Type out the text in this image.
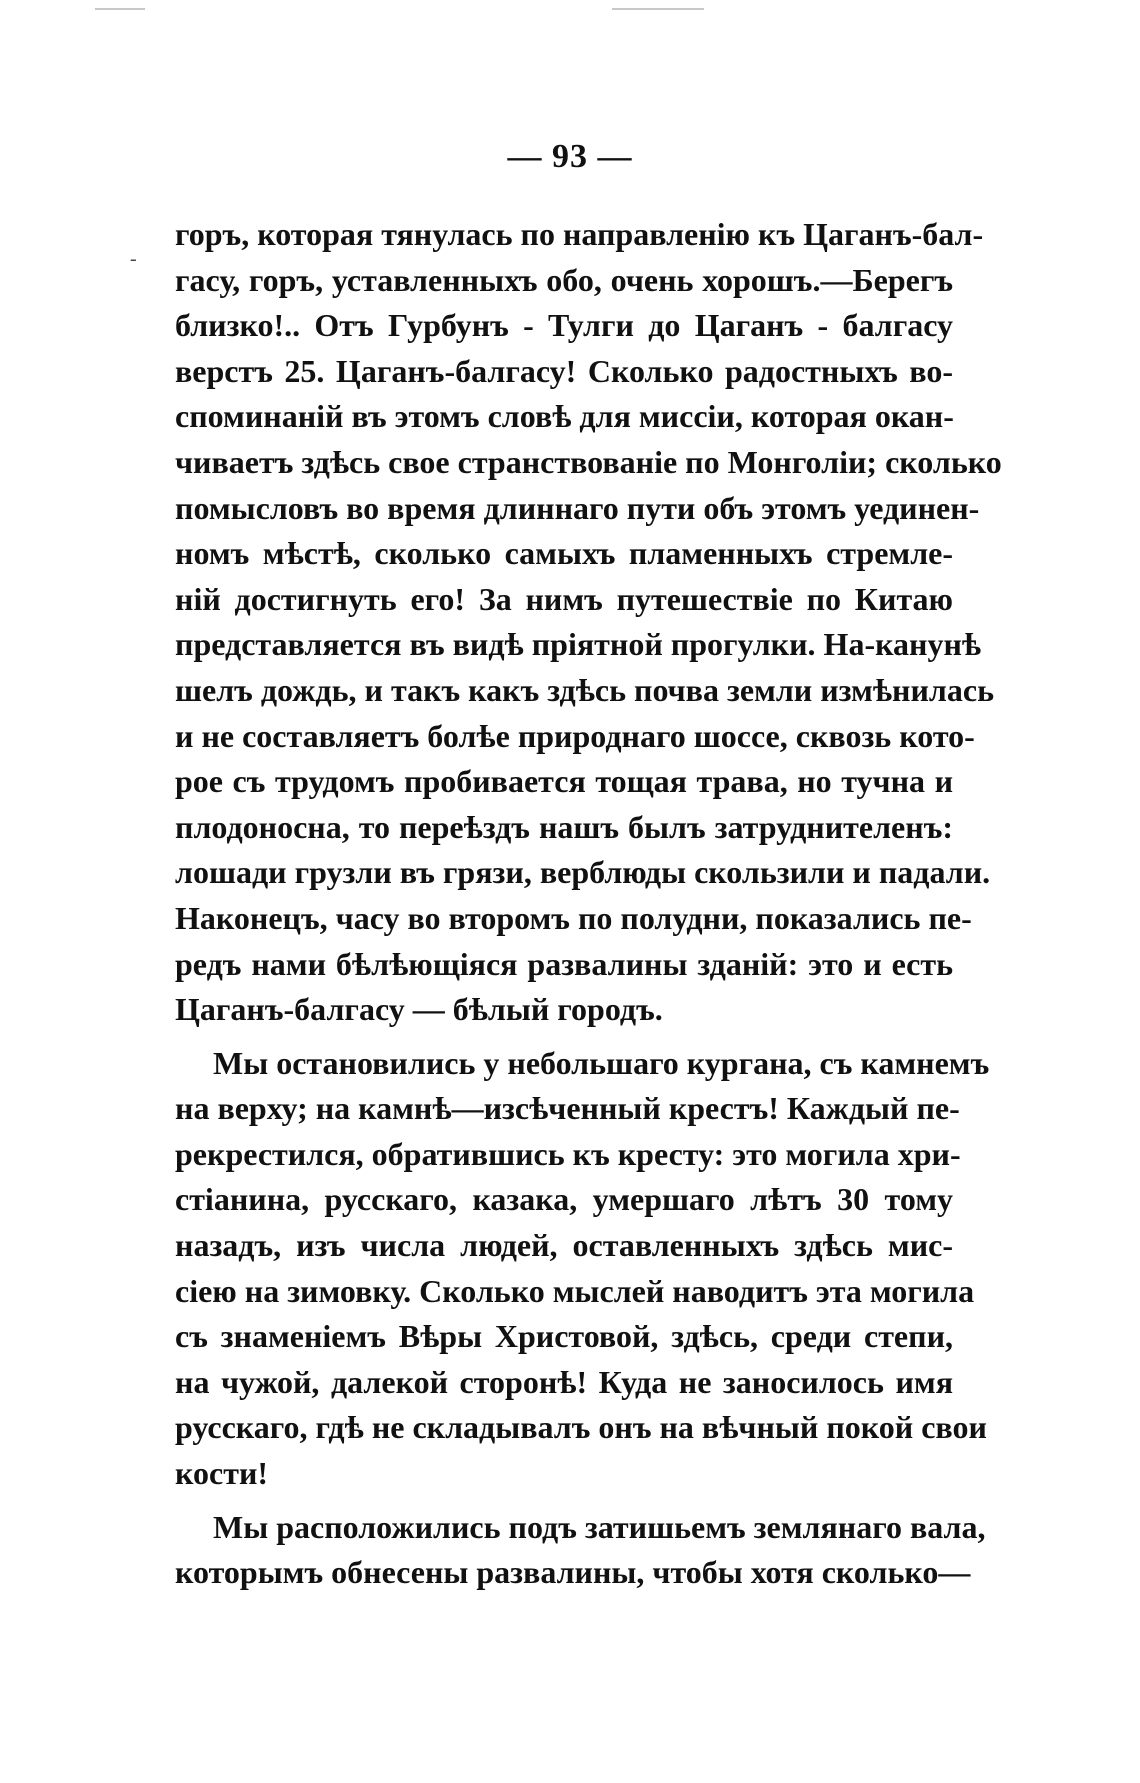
-
— 93 —
горъ, которая тянулась по направленію къ Цаганъ-бал-
гасу, горъ, уставленныхъ обо, очень хорошъ.—Берегъ
близко!.. Отъ Гурбунъ - Тулги до Цаганъ - балгасу
верстъ 25. Цаганъ-балгасу! Сколько радостныхъ во-
споминаній въ этомъ словѣ для миссіи, которая окан-
чиваетъ здѣсь свое странствованіе по Монголіи; сколько
помысловъ во время длиннаго пути объ этомъ уединен-
номъ мѣстѣ, сколько самыхъ пламенныхъ стремле-
ній достигнуть его! За нимъ путешествіе по Китаю
представляется въ видѣ пріятной прогулки. На-канунѣ
шелъ дождь, и такъ какъ здѣсь почва земли измѣнилась
и не составляетъ болѣе природнаго шоссе, сквозь кото-
рое съ трудомъ пробивается тощая трава, но тучна и
плодоносна, то переѣздъ нашъ былъ затруднителенъ:
лошади грузли въ грязи, верблюды скользили и падали.
Наконецъ, часу во второмъ по полудни, показались пе-
редъ нами бѣлѣющіяся развалины зданій: это и есть
Цаганъ-балгасу — бѣлый городъ.
Мы остановились у небольшаго кургана, съ камнемъ
на верху; на камнѣ—изсѣченный крестъ! Каждый пе-
рекрестился, обратившись къ кресту: это могила хри-
стіанина, русскаго, казака, умершаго лѣтъ 30 тому
назадъ, изъ числа людей, оставленныхъ здѣсь мис-
сіею на зимовку. Сколько мыслей наводитъ эта могила
съ знаменіемъ Вѣры Христовой, здѣсь, среди степи,
на чужой, далекой сторонѣ! Куда не заносилось имя
русскаго, гдѣ не складывалъ онъ на вѣчный покой свои
кости!
Мы расположились подъ затишьемъ землянаго вала,
которымъ обнесены развалины, чтобы хотя сколько—
